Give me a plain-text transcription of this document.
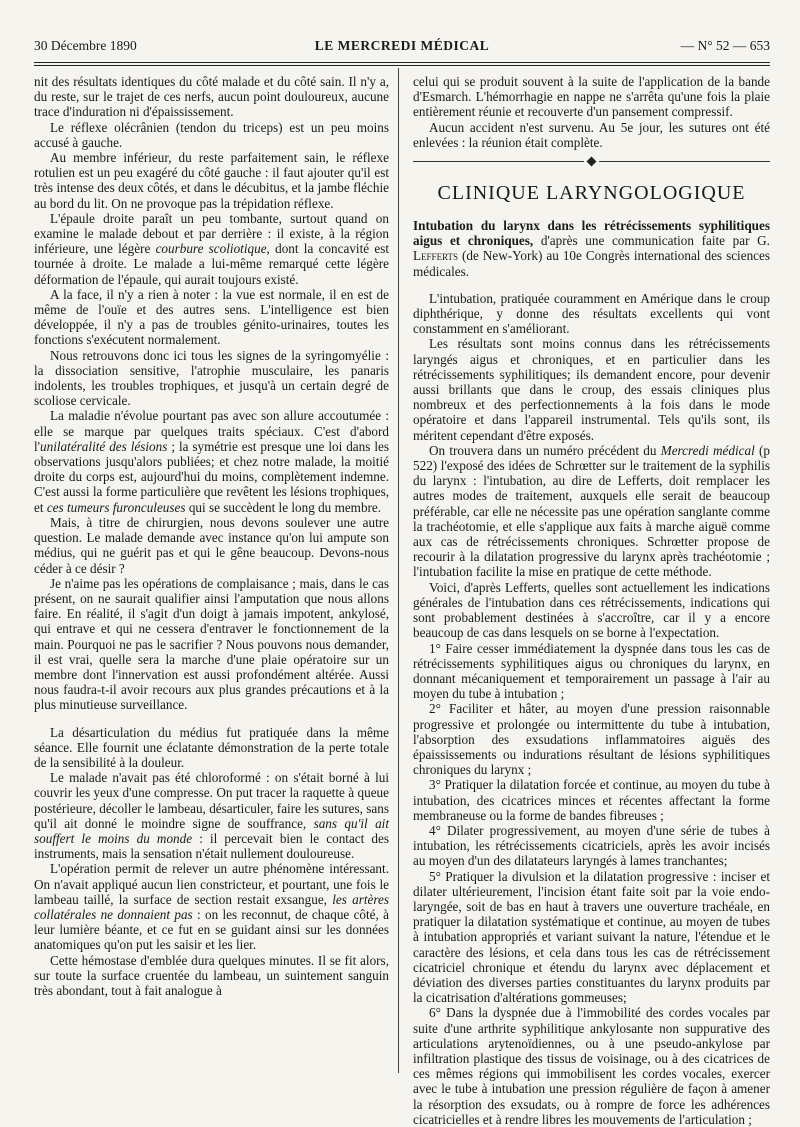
30 Décembre 1890	LE MERCREDI MÉDICAL	— N° 52 — 653

nit des résultats identiques du côté malade et du côté sain. Il n'y a, du reste, sur le trajet de ces nerfs, aucun point douloureux, aucune trace d'induration ni d'épaississement.

Le réflexe olécrânien (tendon du triceps) est un peu moins accusé à gauche.

Au membre inférieur, du reste parfaitement sain, le réflexe rotulien est un peu exagéré du côté gauche : il faut ajouter qu'il est très intense des deux côtés, et dans le décubitus, et la jambe fléchie au bord du lit. On ne provoque pas la trépidation réflexe.

L'épaule droite paraît un peu tombante, surtout quand on examine le malade debout et par derrière : il existe, à la région inférieure, une légère courbure scoliotique, dont la concavité est tournée à droite. Le malade a lui-même remarqué cette légère déformation de l'épaule, qui aurait toujours existé.

A la face, il n'y a rien à noter : la vue est normale, il en est de même de l'ouïe et des autres sens. L'intelligence est bien développée, il n'y a pas de troubles génito-urinaires, toutes les fonctions s'exécutent normalement.

Nous retrouvons donc ici tous les signes de la syringomyélie : la dissociation sensitive, l'atrophie musculaire, les panaris indolents, les troubles trophiques, et jusqu'à un certain degré de scoliose cervicale.

La maladie n'évolue pourtant pas avec son allure accoutumée : elle se marque par quelques traits spéciaux. C'est d'abord l'unilatéralité des lésions ; la symétrie est presque une loi dans les observations jusqu'alors publiées; et chez notre malade, la moitié droite du corps est, aujourd'hui du moins, complètement indemne. C'est aussi la forme particulière que revêtent les lésions trophiques, et ces tumeurs furonculeuses qui se succèdent le long du membre.

Mais, à titre de chirurgien, nous devons soulever une autre question. Le malade demande avec instance qu'on lui ampute son médius, qui ne guérit pas et qui le gêne beaucoup. Devons-nous céder à ce désir ?

Je n'aime pas les opérations de complaisance ; mais, dans le cas présent, on ne saurait qualifier ainsi l'amputation que nous allons faire. En réalité, il s'agit d'un doigt à jamais impotent, ankylosé, qui entrave et qui ne cessera d'entraver le fonctionnement de la main. Pourquoi ne pas le sacrifier ? Nous pouvons nous demander, il est vrai, quelle sera la marche d'une plaie opératoire sur un membre dont l'innervation est aussi profondément altérée. Aussi nous faudra-t-il avoir recours aux plus grandes précautions et à la plus minutieuse surveillance.

La désarticulation du médius fut pratiquée dans la même séance. Elle fournit une éclatante démonstration de la perte totale de la sensibilité à la douleur.

Le malade n'avait pas été chloroformé : on s'était borné à lui couvrir les yeux d'une compresse. On put tracer la raquette à queue postérieure, décoller le lambeau, désarticuler, faire les sutures, sans qu'il ait donné le moindre signe de souffrance, sans qu'il ait souffert le moins du monde : il percevait bien le contact des instruments, mais la sensation n'était nullement douloureuse.

L'opération permit de relever un autre phénomène intéressant. On n'avait appliqué aucun lien constricteur, et pourtant, une fois le lambeau taillé, la surface de section restait exsangue, les artères collatérales ne donnaient pas : on les reconnut, de chaque côté, à leur lumière béante, et ce fut en se guidant ainsi sur les données anatomiques qu'on put les saisir et les lier.

Cette hémostase d'emblée dura quelques minutes. Il se fit alors, sur toute la surface cruentée du lambeau, un suintement sanguin très abondant, tout à fait analogue à

celui qui se produit souvent à la suite de l'application de la bande d'Esmarch. L'hémorrhagie en nappe ne s'arrêta qu'une fois la plaie entièrement réunie et recouverte d'un pansement compressif.

Aucun accident n'est survenu. Au 5e jour, les sutures ont été enlevées : la réunion était complète.

CLINIQUE LARYNGOLOGIQUE

Intubation du larynx dans les rétrécissements syphilitiques aigus et chroniques, d'après une communication faite par G. Lefferts (de New-York) au 10e Congrès international des sciences médicales.

L'intubation, pratiquée couramment en Amérique dans le croup diphthérique, y donne des résultats excellents qui vont constamment en s'améliorant.

Les résultats sont moins connus dans les rétrécissements laryngés aigus et chroniques, et en particulier dans les rétrécissements syphilitiques; ils demandent encore, pour devenir aussi brillants que dans le croup, des essais cliniques plus nombreux et des perfectionnements à la fois dans le mode opératoire et dans l'appareil instrumental. Tels qu'ils sont, ils méritent cependant d'être exposés.

On trouvera dans un numéro précédent du Mercredi médical (p 522) l'exposé des idées de Schrœtter sur le traitement de la syphilis du larynx : l'intubation, au dire de Lefferts, doit remplacer les autres modes de traitement, auxquels elle serait de beaucoup préférable, car elle ne nécessite pas une opération sanglante comme la trachéotomie, et elle s'applique aux faits à marche aiguë comme aux cas de rétrécissements chroniques. Schrœtter propose de recourir à la dilatation progressive du larynx après trachéotomie ; l'intubation facilite la mise en pratique de cette méthode.

Voici, d'après Lefferts, quelles sont actuellement les indications générales de l'intubation dans ces rétrécissements, indications qui sont probablement destinées à s'accroître, car il y a encore beaucoup de cas dans lesquels on se borne à l'expectation.

1° Faire cesser immédiatement la dyspnée dans tous les cas de rétrécissements syphilitiques aigus ou chroniques du larynx, en donnant mécaniquement et temporairement un passage à l'air au moyen du tube à intubation ;

2° Faciliter et hâter, au moyen d'une pression raisonnable progressive et prolongée ou intermittente du tube à intubation, l'absorption des exsudations inflammatoires aiguës des épaississements ou indurations résultant de lésions syphilitiques chroniques du larynx ;

3° Pratiquer la dilatation forcée et continue, au moyen du tube à intubation, des cicatrices minces et récentes affectant la forme membraneuse ou la forme de bandes fibreuses ;

4° Dilater progressivement, au moyen d'une série de tubes à intubation, les rétrécissements cicatriciels, après les avoir incisés au moyen d'un des dilatateurs laryngés à lames tranchantes;

5° Pratiquer la divulsion et la dilatation progressive : inciser et dilater ultérieurement, l'incision étant faite soit par la voie endo-laryngée, soit de bas en haut à travers une ouverture trachéale, en pratiquer la dilatation systématique et continue, au moyen de tubes à intubation appropriés et variant suivant la nature, l'étendue et le caractère des lésions, et cela dans tous les cas de rétrécissement cicatriciel chronique et étendu du larynx avec déplacement et déviation des diverses parties constituantes du larynx produits par la cicatrisation d'altérations gommeuses;

6° Dans la dyspnée due à l'immobilité des cordes vocales par suite d'une arthrite syphilitique ankylosante non suppurative des articulations arytenoïdiennes, ou à une pseudo-ankylose par infiltration plastique des tissus de voisinage, ou à des cicatrices de ces mêmes régions qui immobilisent les cordes vocales, exercer avec le tube à intubation une pression régulière de façon à amener la résorption des exsudats, ou à rompre de force les adhérences cicatricielles et à rendre libres les mouvements de l'articulation ;
